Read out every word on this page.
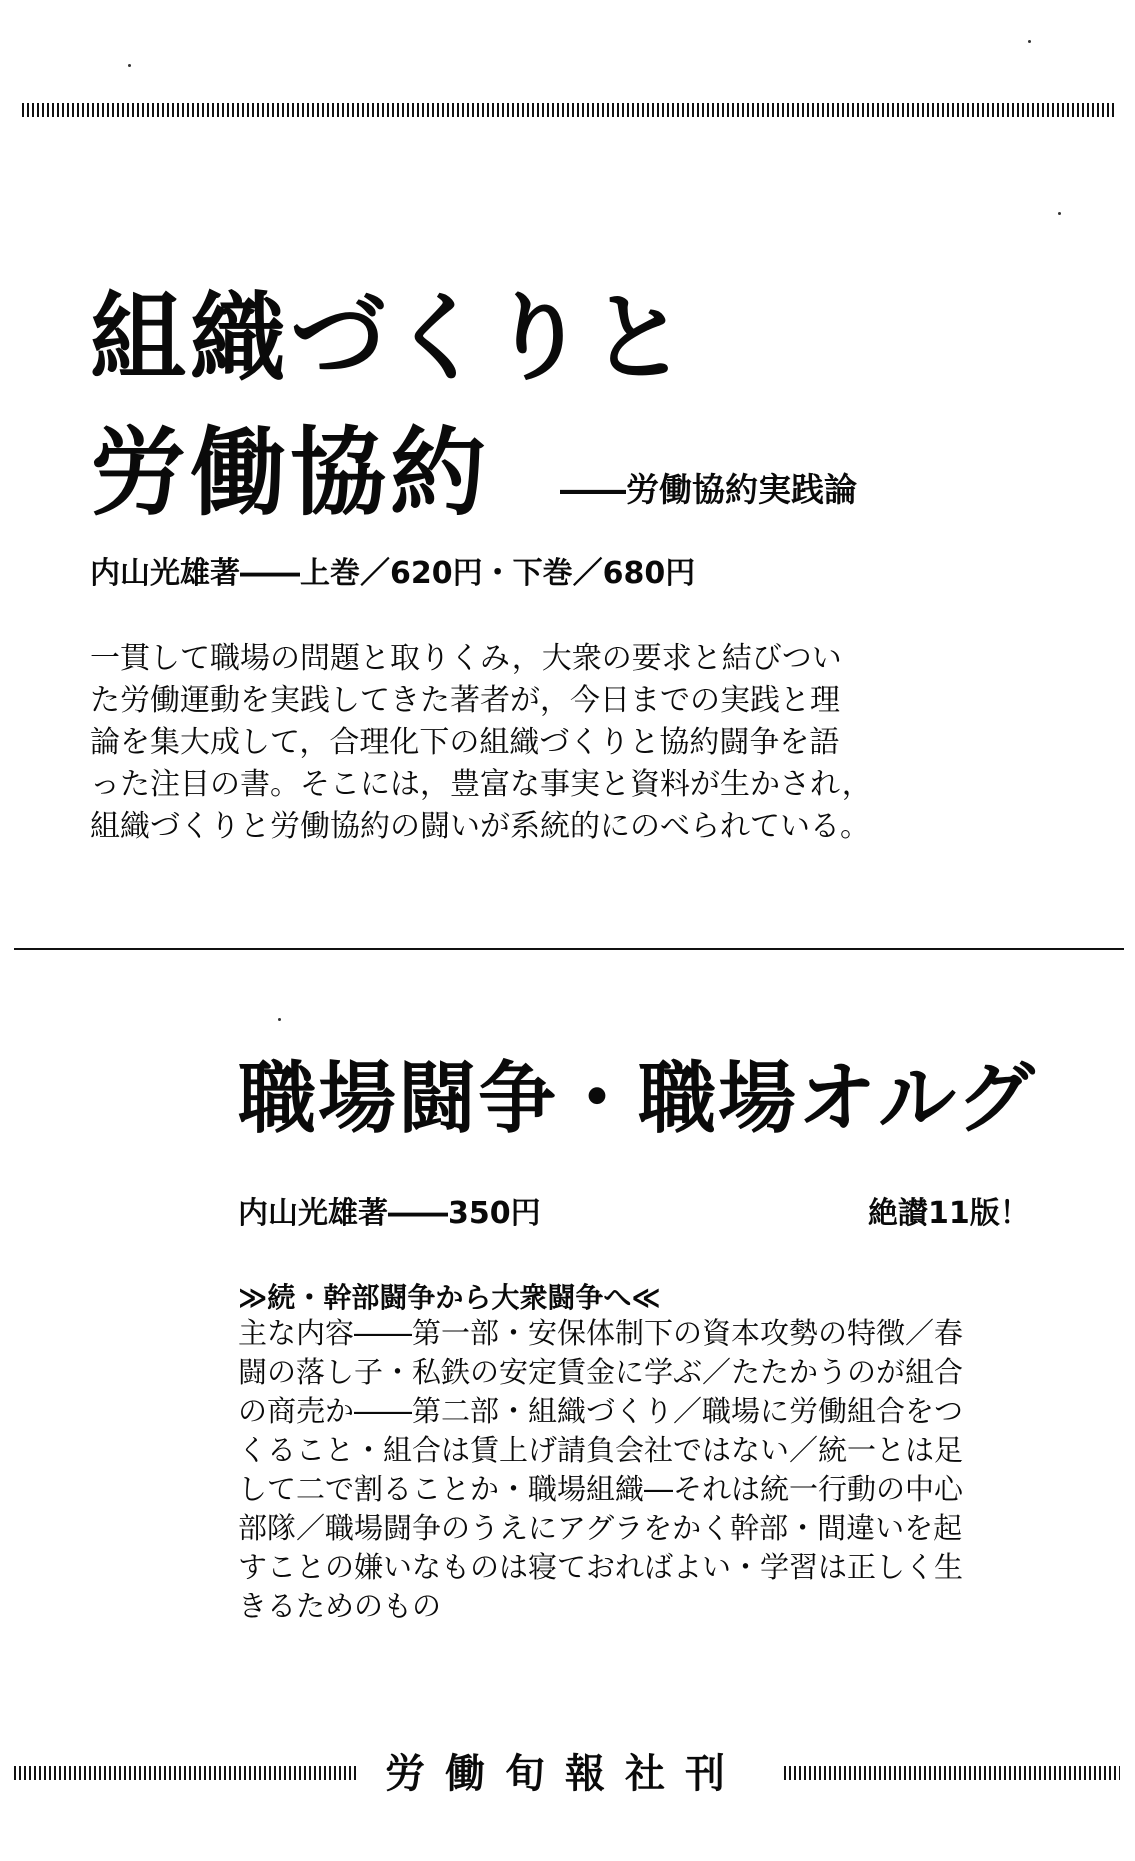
組織づくりと
労働協約 ――労働協約実践論
内山光雄著――上巻／620円・下巻／680円
一貫して職場の問題と取りくみ，大衆の要求と結びつい
た労働運動を実践してきた著者が，今日までの実践と理
論を集大成して，合理化下の組織づくりと協約闘争を語
った注目の書。そこには，豊富な事実と資料が生かされ，
組織づくりと労働協約の闘いが系統的にのべられている。
職場闘争・職場オルグ
内山光雄著――350円	絶讃11版！
≫続・幹部闘争から大衆闘争へ≪
主な内容――第一部・安保体制下の資本攻勢の特徴／春
闘の落し子・私鉄の安定賃金に学ぶ／たたかうのが組合
の商売か――第二部・組織づくり／職場に労働組合をつ
くること・組合は賃上げ請負会社ではない／統一とは足
して二で割ることか・職場組織―それは統一行動の中心
部隊／職場闘争のうえにアグラをかく幹部・間違いを起
すことの嫌いなものは寝ておればよい・学習は正しく生
きるためのもの
労働旬報社刊
